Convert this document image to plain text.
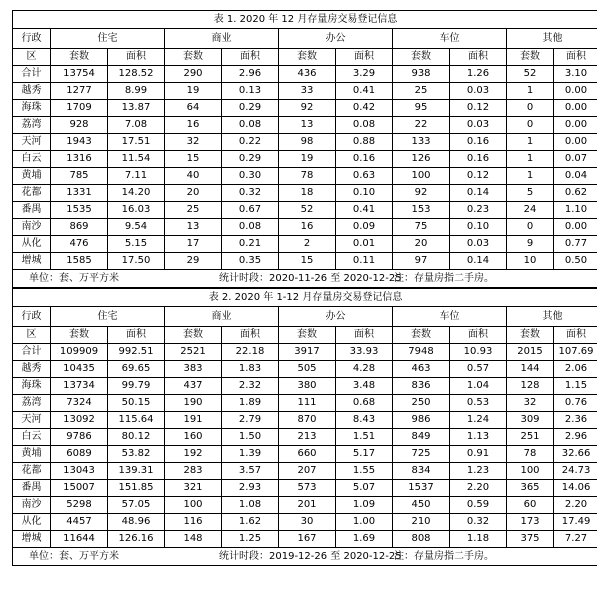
表 1. 2020 年 12 月存量房交易登记信息										
行政	住宅		商业		办公		车位		其他	
区	套数	面积	套数	面积	套数	面积	套数	面积	套数	面积
合计	13754	128.52	290	2.96	436	3.29	938	1.26	52	3.10
越秀	1277	8.99	19	0.13	33	0.41	25	0.03	1	0.00
海珠	1709	13.87	64	0.29	92	0.42	95	0.12	0	0.00
荔湾	928	7.08	16	0.08	13	0.08	22	0.03	0	0.00
天河	1943	17.51	32	0.22	98	0.88	133	0.16	1	0.00
白云	1316	11.54	15	0.29	19	0.16	126	0.16	1	0.07
黄埔	785	7.11	40	0.30	78	0.63	100	0.12	1	0.04
花都	1331	14.20	20	0.32	18	0.10	92	0.14	5	0.62
番禺	1535	16.03	25	0.67	52	0.41	153	0.23	24	1.10
南沙	869	9.54	13	0.08	16	0.09	75	0.10	0	0.00
从化	476	5.15	17	0.21	2	0.01	20	0.03	9	0.77
增城	1585	17.50	29	0.35	15	0.11	97	0.14	10	0.50
单位：套、万平方米 统计时段：2020-11-26 至 2020-12-25注：存量房指二手房。										
表 2. 2020 年 1-12 月存量房交易登记信息										
行政	住宅		商业		办公		车位		其他	
区	套数	面积	套数	面积	套数	面积	套数	面积	套数	面积
合计	109909	992.51	2521	22.18	3917	33.93	7948	10.93	2015	107.69
越秀	10435	69.65	383	1.83	505	4.28	463	0.57	144	2.06
海珠	13734	99.79	437	2.32	380	3.48	836	1.04	128	1.15
荔湾	7324	50.15	190	1.89	111	0.68	250	0.53	32	0.76
天河	13092	115.64	191	2.79	870	8.43	986	1.24	309	2.36
白云	9786	80.12	160	1.50	213	1.51	849	1.13	251	2.96
黄埔	6089	53.82	192	1.39	660	5.17	725	0.91	78	32.66
花都	13043	139.31	283	3.57	207	1.55	834	1.23	100	24.73
番禺	15007	151.85	321	2.93	573	5.07	1537	2.20	365	14.06
南沙	5298	57.05	100	1.08	201	1.09	450	0.59	60	2.20
从化	4457	48.96	116	1.62	30	1.00	210	0.32	173	17.49
增城	11644	126.16	148	1.25	167	1.69	808	1.18	375	7.27
单位：套、万平方米 统计时段：2019-12-26 至 2020-12-25注：存量房指二手房。										
